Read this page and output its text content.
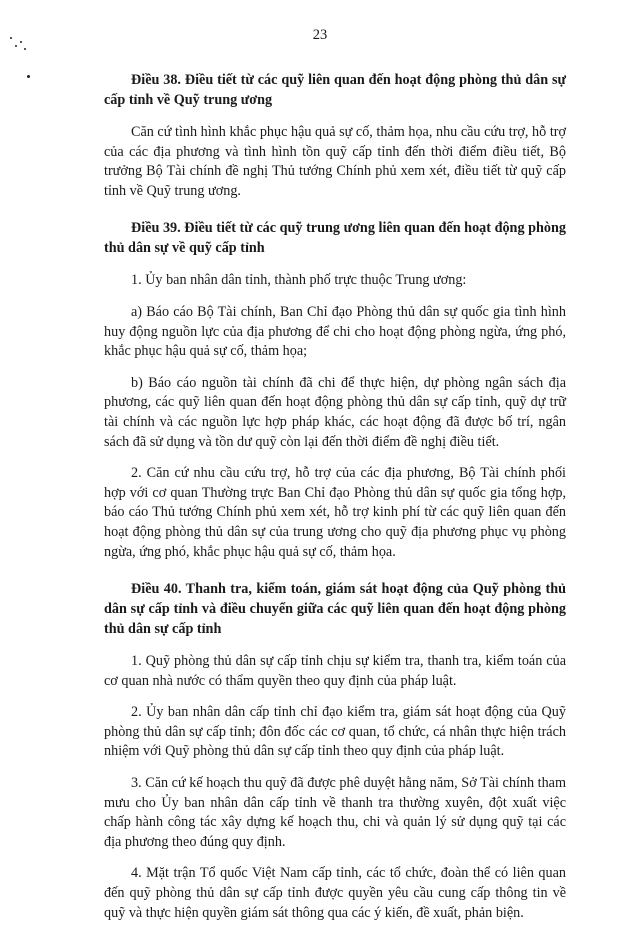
23
Điều 38. Điều tiết từ các quỹ liên quan đến hoạt động phòng thủ dân sự cấp tỉnh về Quỹ trung ương
Căn cứ tình hình khắc phục hậu quả sự cố, thảm họa, nhu cầu cứu trợ, hỗ trợ của các địa phương và tình hình tồn quỹ cấp tỉnh đến thời điểm điều tiết, Bộ trưởng Bộ Tài chính đề nghị Thủ tướng Chính phủ xem xét, điều tiết từ quỹ cấp tỉnh về Quỹ trung ương.
Điều 39. Điều tiết từ các quỹ trung ương liên quan đến hoạt động phòng thủ dân sự về quỹ cấp tỉnh
1. Ủy ban nhân dân tỉnh, thành phố trực thuộc Trung ương:
a) Báo cáo Bộ Tài chính, Ban Chỉ đạo Phòng thủ dân sự quốc gia tình hình huy động nguồn lực của địa phương để chi cho hoạt động phòng ngừa, ứng phó, khắc phục hậu quả sự cố, thảm họa;
b) Báo cáo nguồn tài chính đã chi để thực hiện, dự phòng ngân sách địa phương, các quỹ liên quan đến hoạt động phòng thủ dân sự cấp tỉnh, quỹ dự trữ tài chính và các nguồn lực hợp pháp khác, các hoạt động đã được bố trí, ngân sách đã sử dụng và tồn dư quỹ còn lại đến thời điểm đề nghị điều tiết.
2. Căn cứ nhu cầu cứu trợ, hỗ trợ của các địa phương, Bộ Tài chính phối hợp với cơ quan Thường trực Ban Chỉ đạo Phòng thủ dân sự quốc gia tổng hợp, báo cáo Thủ tướng Chính phủ xem xét, hỗ trợ kinh phí từ các quỹ liên quan đến hoạt động phòng thủ dân sự của trung ương cho quỹ địa phương phục vụ phòng ngừa, ứng phó, khắc phục hậu quả sự cố, thảm họa.
Điều 40. Thanh tra, kiểm toán, giám sát hoạt động của Quỹ phòng thủ dân sự cấp tỉnh và điều chuyển giữa các quỹ liên quan đến hoạt động phòng thủ dân sự cấp tỉnh
1. Quỹ phòng thủ dân sự cấp tỉnh chịu sự kiểm tra, thanh tra, kiểm toán của cơ quan nhà nước có thẩm quyền theo quy định của pháp luật.
2. Ủy ban nhân dân cấp tỉnh chỉ đạo kiểm tra, giám sát hoạt động của Quỹ phòng thủ dân sự cấp tỉnh; đôn đốc các cơ quan, tổ chức, cá nhân thực hiện trách nhiệm với Quỹ phòng thủ dân sự cấp tỉnh theo quy định của pháp luật.
3. Căn cứ kế hoạch thu quỹ đã được phê duyệt hằng năm, Sở Tài chính tham mưu cho Ủy ban nhân dân cấp tỉnh về thanh tra thường xuyên, đột xuất việc chấp hành công tác xây dựng kế hoạch thu, chi và quản lý sử dụng quỹ tại các địa phương theo đúng quy định.
4. Mặt trận Tổ quốc Việt Nam cấp tỉnh, các tổ chức, đoàn thể có liên quan đến quỹ phòng thủ dân sự cấp tỉnh được quyền yêu cầu cung cấp thông tin về quỹ và thực hiện quyền giám sát thông qua các ý kiến, đề xuất, phản biện.
